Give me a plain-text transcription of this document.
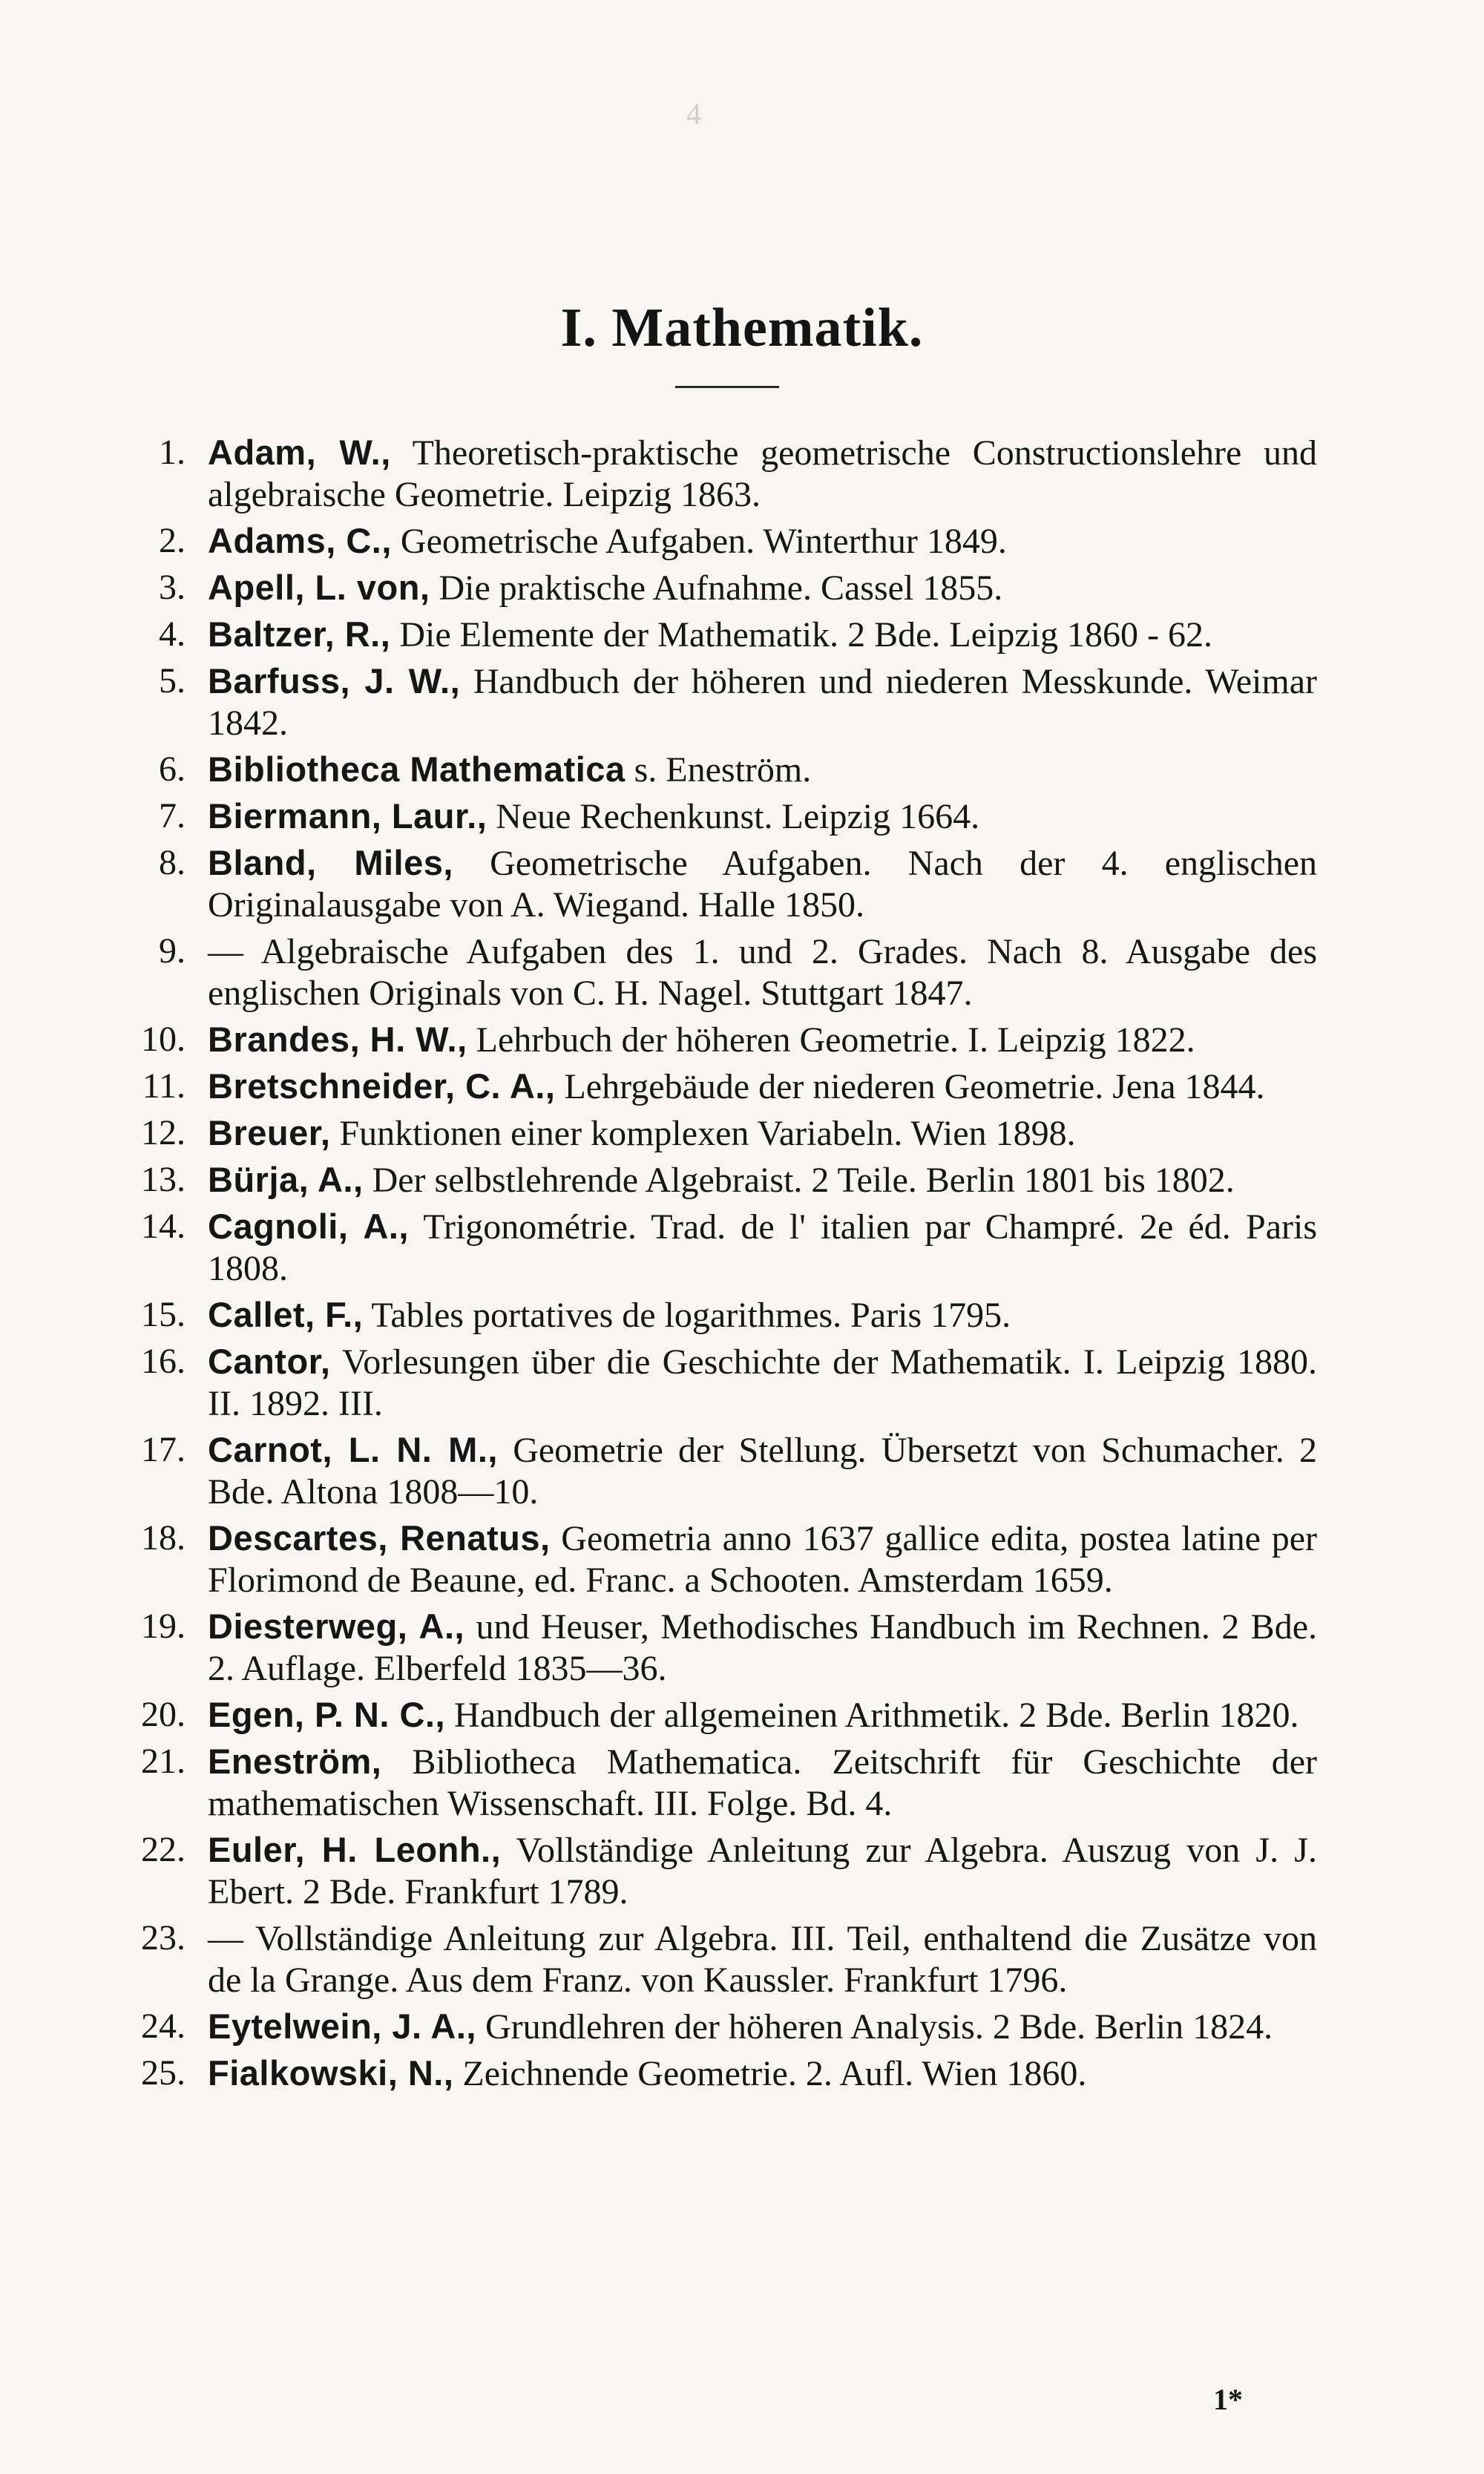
4
I. Mathematik.
1. Adam, W., Theoretisch-praktische geometrische Constructionslehre und algebraische Geometrie. Leipzig 1863.
2. Adams, C., Geometrische Aufgaben. Winterthur 1849.
3. Apell, L. von, Die praktische Aufnahme. Cassel 1855.
4. Baltzer, R., Die Elemente der Mathematik. 2 Bde. Leipzig 1860 - 62.
5. Barfuss, J. W., Handbuch der höheren und niederen Messkunde. Weimar 1842.
6. Bibliotheca Mathematica s. Eneström.
7. Biermann, Laur., Neue Rechenkunst. Leipzig 1664.
8. Bland, Miles, Geometrische Aufgaben. Nach der 4. englischen Originalausgabe von A. Wiegand. Halle 1850.
9. — Algebraische Aufgaben des 1. und 2. Grades. Nach 8. Ausgabe des englischen Originals von C. H. Nagel. Stuttgart 1847.
10. Brandes, H. W., Lehrbuch der höheren Geometrie. I. Leipzig 1822.
11. Bretschneider, C. A., Lehrgebäude der niederen Geometrie. Jena 1844.
12. Breuer, Funktionen einer komplexen Variabeln. Wien 1898.
13. Bürja, A., Der selbstlehrende Algebraist. 2 Teile. Berlin 1801 bis 1802.
14. Cagnoli, A., Trigonométrie. Trad. de l' italien par Champré. 2e éd. Paris 1808.
15. Callet, F., Tables portatives de logarithmes. Paris 1795.
16. Cantor, Vorlesungen über die Geschichte der Mathematik. I. Leipzig 1880. II. 1892. III.
17. Carnot, L. N. M., Geometrie der Stellung. Übersetzt von Schumacher. 2 Bde. Altona 1808—10.
18. Descartes, Renatus, Geometria anno 1637 gallice edita, postea latine per Florimond de Beaune, ed. Franc. a Schooten. Amsterdam 1659.
19. Diesterweg, A., und Heuser, Methodisches Handbuch im Rechnen. 2 Bde. 2. Auflage. Elberfeld 1835—36.
20. Egen, P. N. C., Handbuch der allgemeinen Arithmetik. 2 Bde. Berlin 1820.
21. Eneström, Bibliotheca Mathematica. Zeitschrift für Geschichte der mathematischen Wissenschaft. III. Folge. Bd. 4.
22. Euler, H. Leonh., Vollständige Anleitung zur Algebra. Auszug von J. J. Ebert. 2 Bde. Frankfurt 1789.
23. — Vollständige Anleitung zur Algebra. III. Teil, enthaltend die Zusätze von de la Grange. Aus dem Franz. von Kaussler. Frankfurt 1796.
24. Eytelwein, J. A., Grundlehren der höheren Analysis. 2 Bde. Berlin 1824.
25. Fialkowski, N., Zeichnende Geometrie. 2. Aufl. Wien 1860.
1*
